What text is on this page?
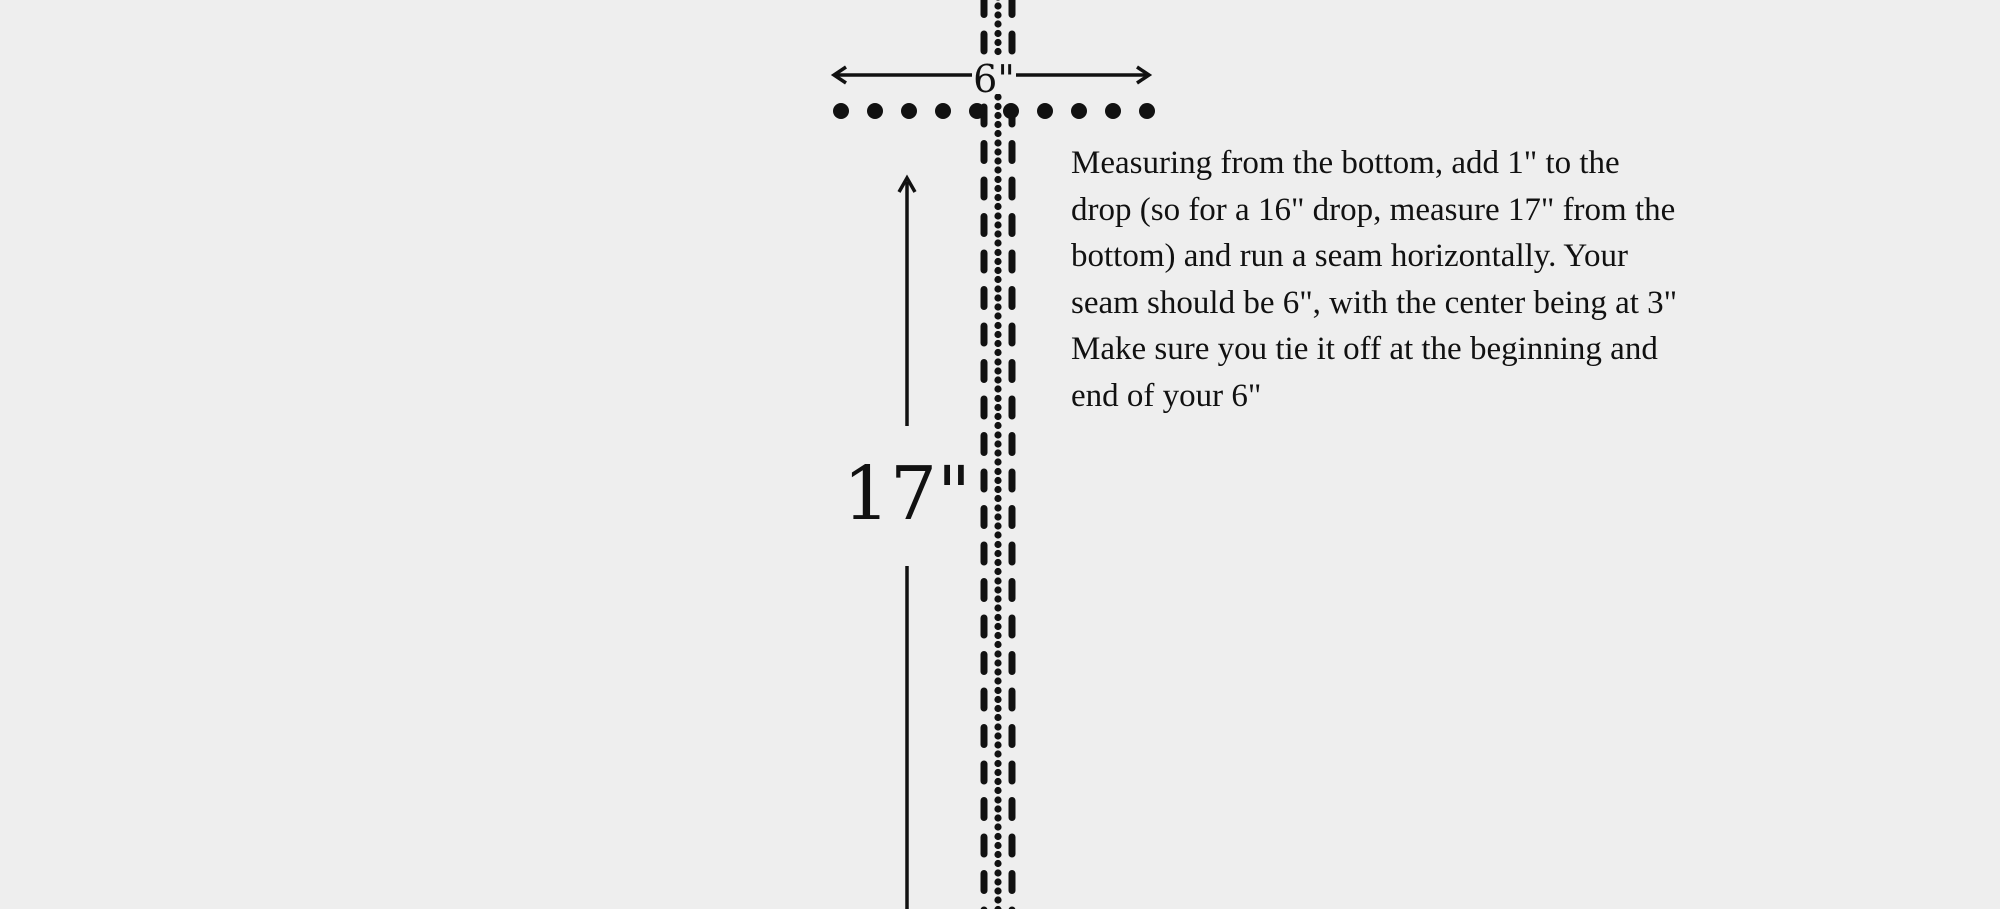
6"
17"
Measuring from the bottom, add 1" to the
drop (so for a 16" drop, measure 17" from the
bottom) and run a seam horizontally. Your
seam should be 6", with the center being at 3"
Make sure you tie it off at the beginning and
end of your 6"
